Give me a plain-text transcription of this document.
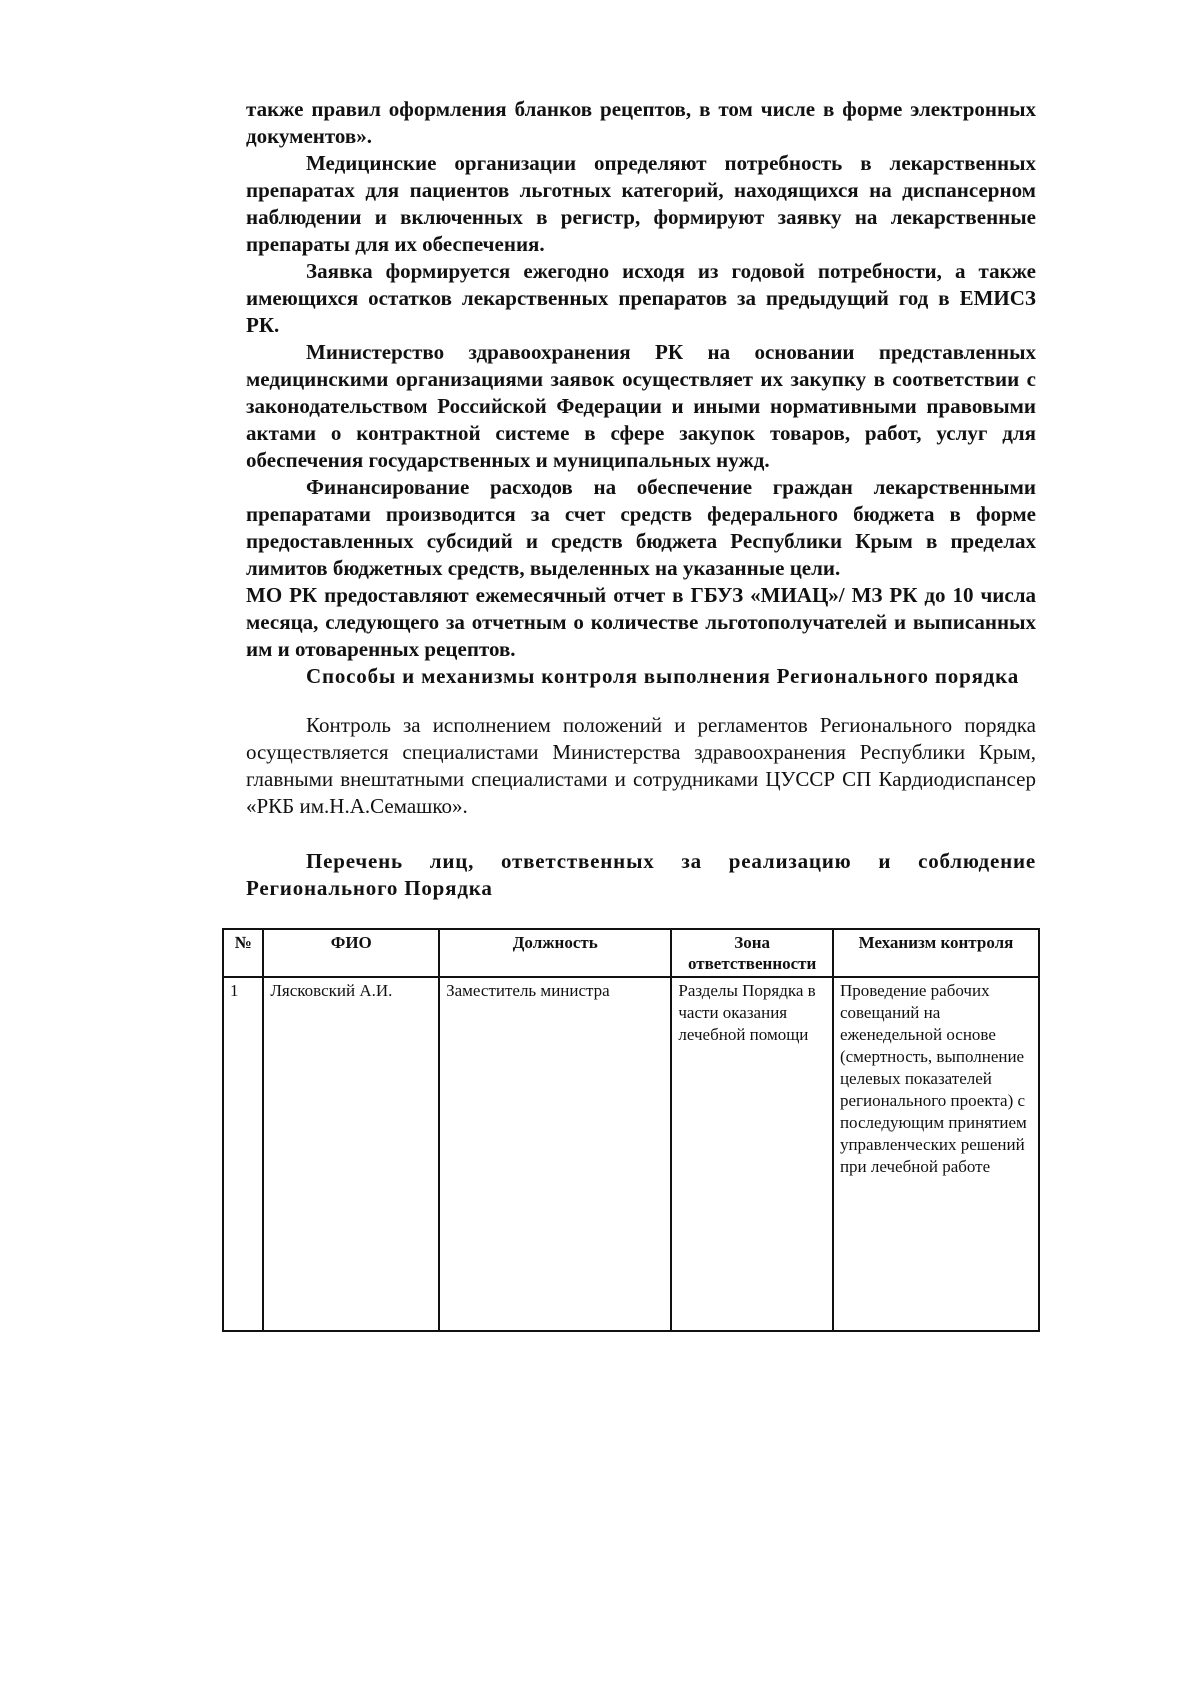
также правил оформления бланков рецептов, в том числе в форме электронных документов».

Медицинские организации определяют потребность в лекарственных препаратах для пациентов льготных категорий, находящихся на диспансерном наблюдении и включенных в регистр, формируют заявку на лекарственные препараты для их обеспечения.

Заявка формируется ежегодно исходя из годовой потребности, а также имеющихся остатков лекарственных препаратов за предыдущий год в ЕМИСЗ РК.

Министерство здравоохранения РК на основании представленных медицинскими организациями заявок осуществляет их закупку в соответствии с законодательством Российской Федерации и иными нормативными правовыми актами о контрактной системе в сфере закупок товаров, работ, услуг для обеспечения государственных и муниципальных нужд.

Финансирование расходов на обеспечение граждан лекарственными препаратами производится за счет средств федерального бюджета в форме предоставленных субсидий и средств бюджета Республики Крым в пределах лимитов бюджетных средств, выделенных на указанные цели.

МО РК предоставляют ежемесячный отчет в ГБУЗ «МИАЦ»/ МЗ РК до 10 числа месяца, следующего за отчетным о количестве льготополучателей и выписанных им и отоваренных рецептов.

Способы и механизмы контроля выполнения Регионального порядка

Контроль за исполнением положений и регламентов Регионального порядка осуществляется специалистами Министерства здравоохранения Республики Крым, главными внештатными специалистами и сотрудниками ЦУССР СП Кардиодиспансер «РКБ им.Н.А.Семашко».

Перечень лиц, ответственных за реализацию и соблюдение Регионального Порядка

№	ФИО	Должность	Зона ответственности	Механизм контроля
1	Лясковский А.И.	Заместитель министра	Разделы Порядка в части оказания лечебной помощи	Проведение рабочих совещаний на еженедельной основе (смертность, выполнение целевых показателей регионального проекта) с последующим принятием управленческих решений при лечебной работе
